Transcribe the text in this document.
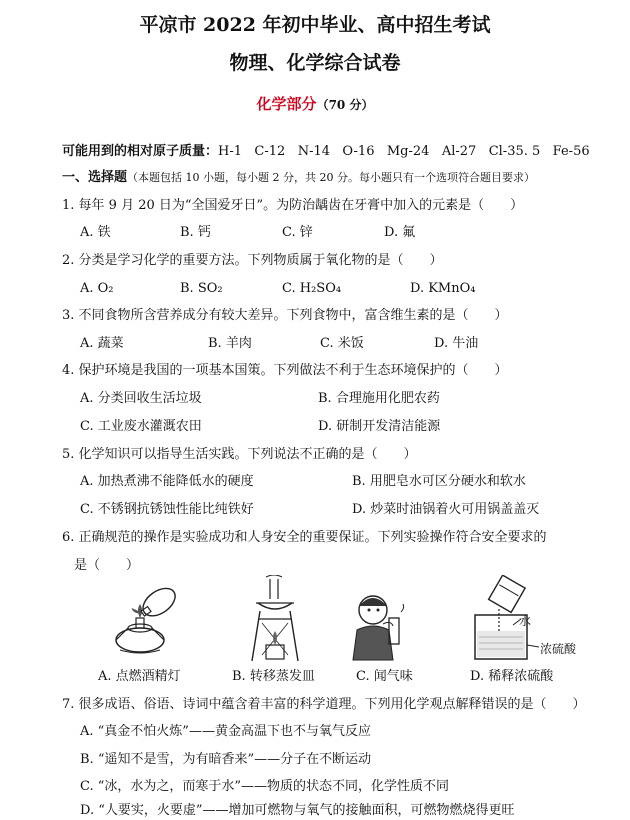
平凉市 2022 年初中毕业、高中招生考试
物理、化学综合试卷
化学部分（70 分）
可能用到的相对原子质量：H-1   C-12   N-14   O-16   Mg-24   Al-27   Cl-35. 5   Fe-56
一、选择题（本题包括 10 小题，每小题 2 分，共 20 分。每小题只有一个选项符合题目要求）
1. 每年 9 月 20 日为“全国爱牙日”。为防治龋齿在牙膏中加入的元素是（　　）
A. 铁	B. 钙	C. 锌	D. 氟
2. 分类是学习化学的重要方法。下列物质属于氧化物的是（　　）
A. O₂	B. SO₂	C. H₂SO₄	D. KMnO₄
3. 不同食物所含营养成分有较大差异。下列食物中，富含维生素的是（　　）
A. 蔬菜	B. 羊肉	C. 米饭	D. 牛油
4. 保护环境是我国的一项基本国策。下列做法不利于生态环境保护的（　　）
A. 分类回收生活垃圾	B. 合理施用化肥农药
C. 工业废水灌溉农田	D. 研制开发清洁能源
5. 化学知识可以指导生活实践。下列说法不正确的是（　　）
A. 加热煮沸不能降低水的硬度	B. 用肥皂水可区分硬水和软水
C. 不锈钢抗锈蚀性能比纯铁好	D. 炒菜时油锅着火可用锅盖盖灭
6. 正确规范的操作是实验成功和人身安全的重要保证。下列实验操作符合安全要求的
是（　　）
水
浓硫酸
A. 点燃酒精灯	B. 转移蒸发皿	C. 闻气味	D. 稀释浓硫酸
7. 很多成语、俗语、诗词中蕴含着丰富的科学道理。下列用化学观点解释错误的是（　　）
A. “真金不怕火炼”——黄金高温下也不与氧气反应
B. “遥知不是雪，为有暗香来”——分子在不断运动
C. “冰，水为之，而寒于水”——物质的状态不同，化学性质不同
D. “人要实，火要虚”——增加可燃物与氧气的接触面积，可燃物燃烧得更旺
